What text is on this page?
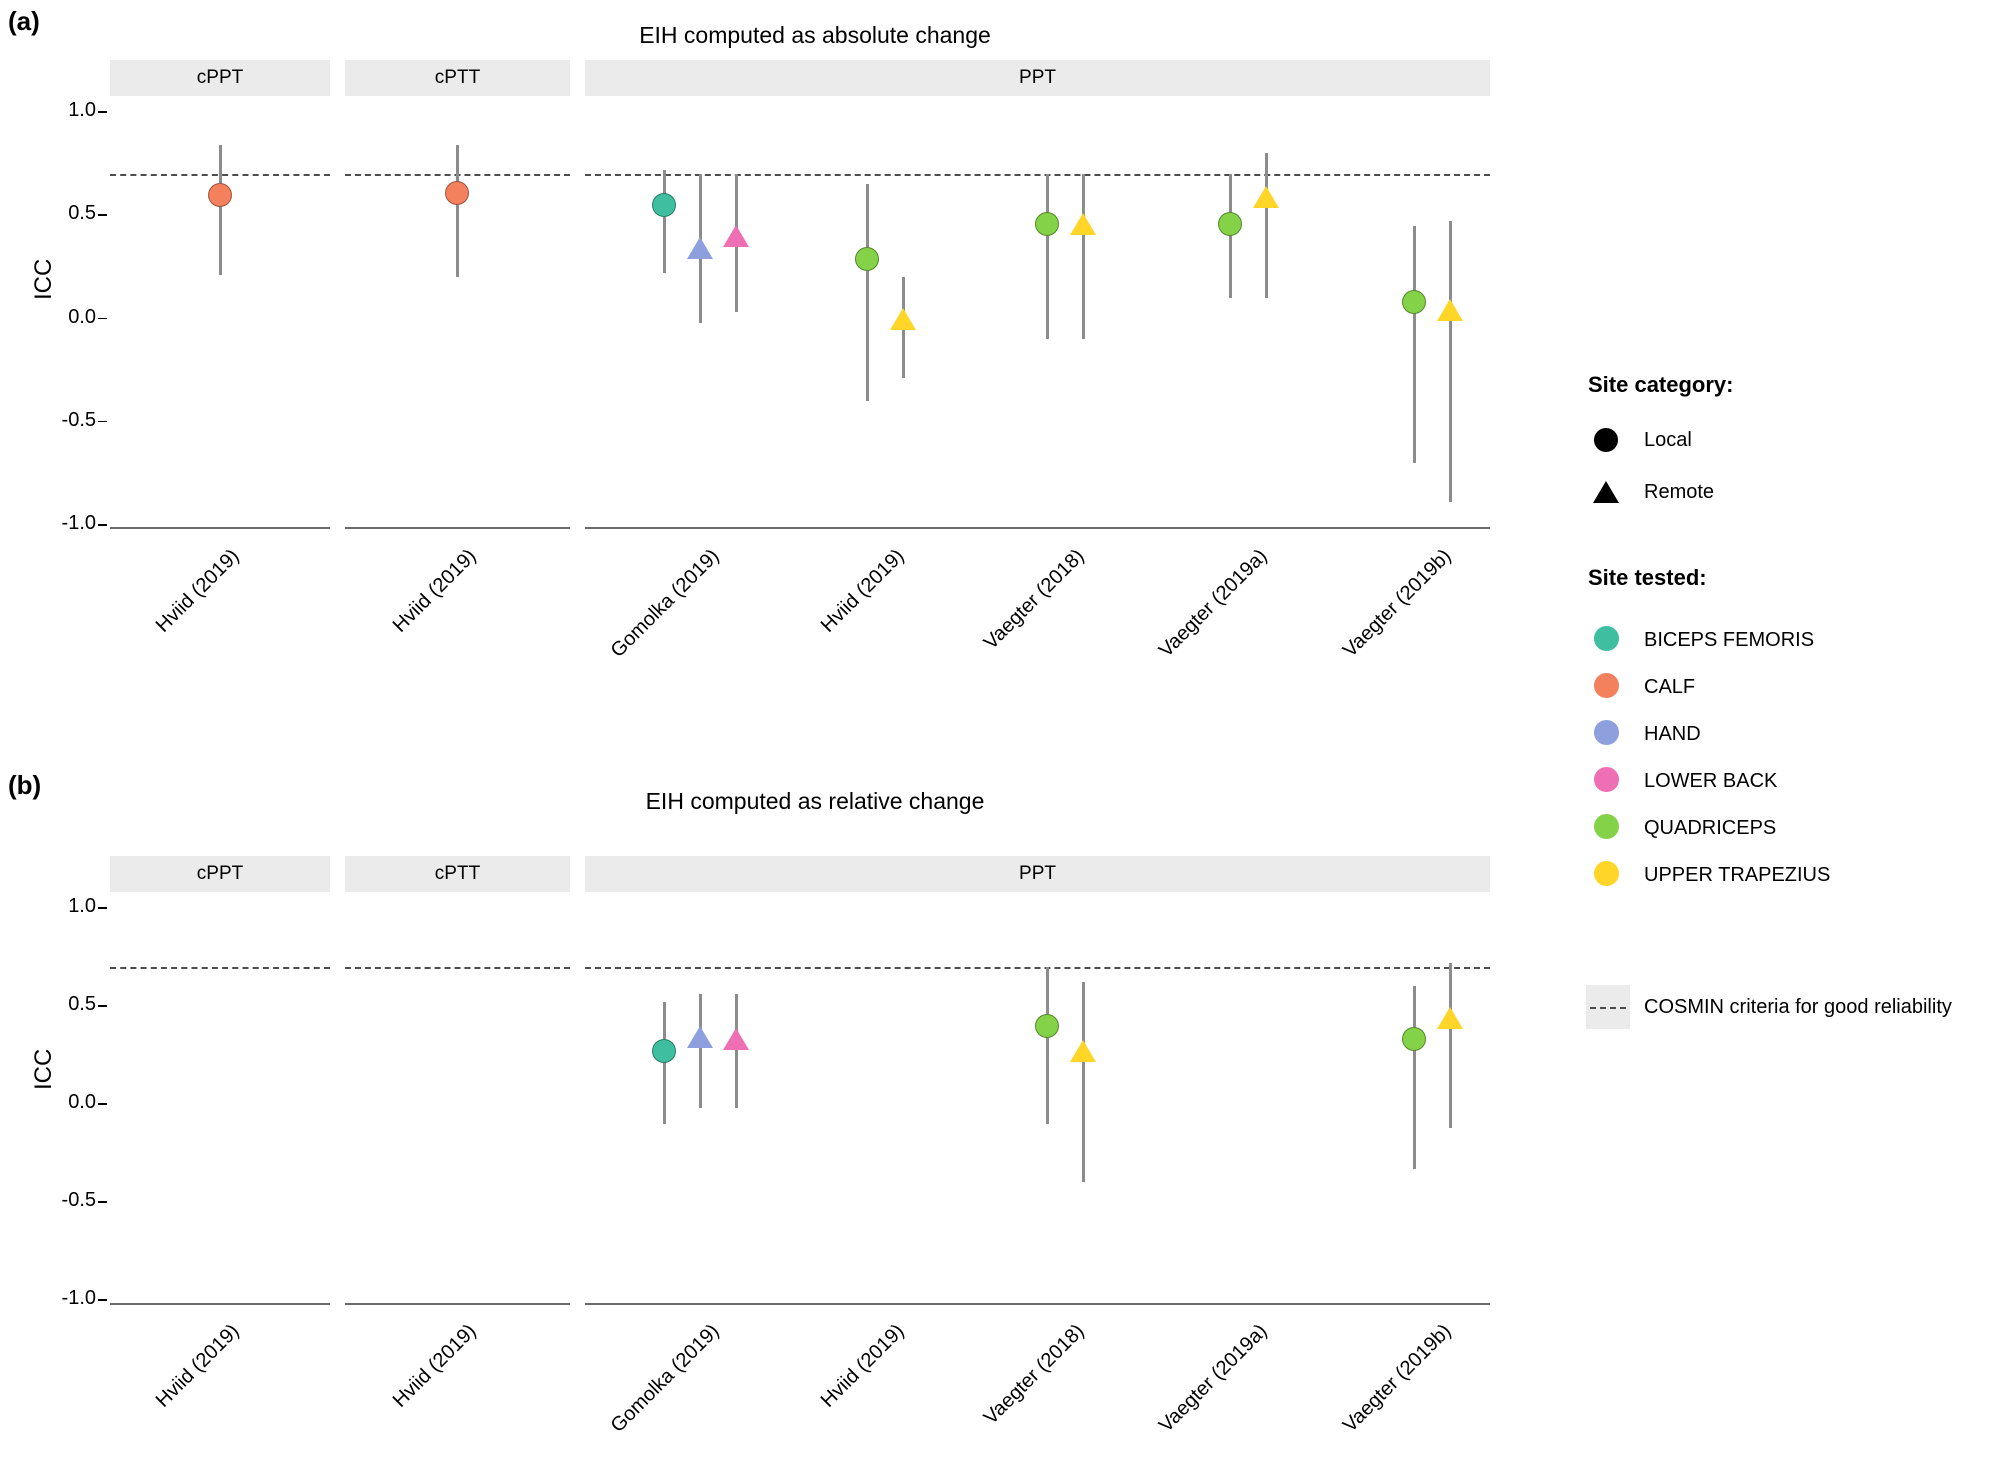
(a)
(b)
EIH computed as absolute change
cPPT	cPTT	PPT
1.0
0.5
0.0
-0.5
-1.0
Hviid (2019)	Hviid (2019)	Gomolka (2019)	Hviid (2019)	Vaegter (2018)	Vaegter (2019a)	Vaegter (2019b)
EIH computed as relative change
cPPT	cPTT	PPT
1.0
0.5
0.0
-0.5
-1.0
Hviid (2019)	Hviid (2019)	Gomolka (2019)	Hviid (2019)	Vaegter (2018)	Vaegter (2019a)	Vaegter (2019b)
Site category:
Local
Remote
Site tested:
BICEPS FEMORIS
CALF
HAND
LOWER BACK
QUADRICEPS
UPPER TRAPEZIUS
COSMIN criteria for good reliability
ICC
ICC
